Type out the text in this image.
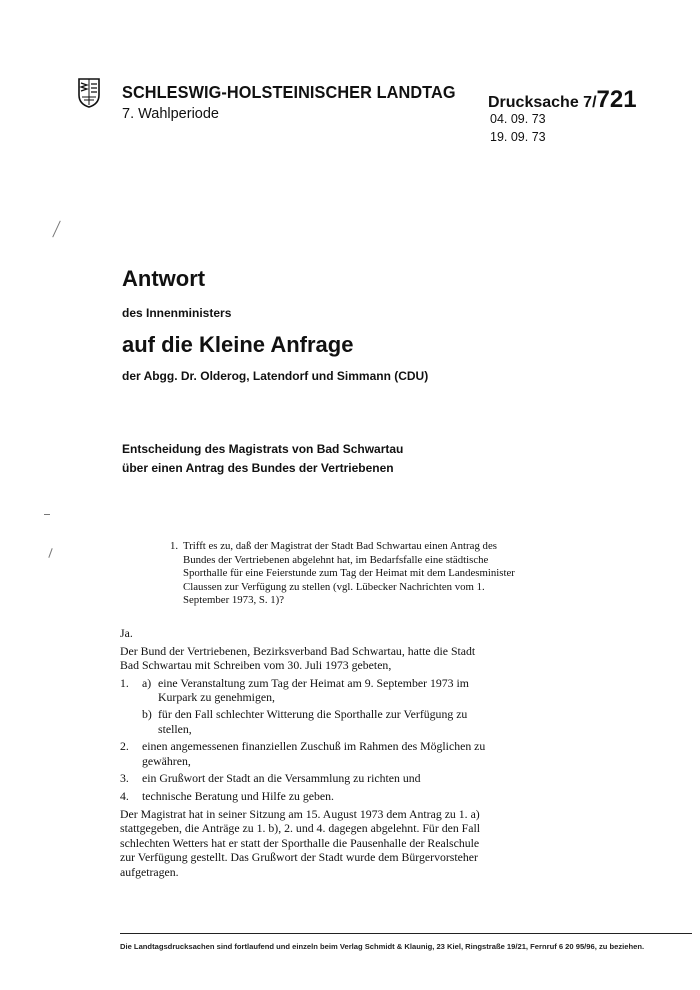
SCHLESWIG-HOLSTEINISCHER LANDTAG
7. Wahlperiode
Drucksache 7/721
04. 09. 73
19. 09. 73
Antwort
des Innenministers
auf die Kleine Anfrage
der Abgg. Dr. Olderog, Latendorf und Simmann (CDU)
Entscheidung des Magistrats von Bad Schwartau
über einen Antrag des Bundes der Vertriebenen
1. Trifft es zu, daß der Magistrat der Stadt Bad Schwartau einen Antrag des Bundes der Vertriebenen abgelehnt hat, im Bedarfsfalle eine städtische Sporthalle für eine Feierstunde zum Tag der Heimat mit dem Landesminister Claussen zur Verfügung zu stellen (vgl. Lübecker Nachrichten vom 1. September 1973, S. 1)?

Ja.

Der Bund der Vertriebenen, Bezirksverband Bad Schwartau, hatte die Stadt Bad Schwartau mit Schreiben vom 30. Juli 1973 gebeten,

1. a) eine Veranstaltung zum Tag der Heimat am 9. September 1973 im Kurpark zu genehmigen,
b) für den Fall schlechter Witterung die Sporthalle zur Verfügung zu stellen,
2. einen angemessenen finanziellen Zuschuß im Rahmen des Möglichen zu gewähren,
3. ein Grußwort der Stadt an die Versammlung zu richten und
4. technische Beratung und Hilfe zu geben.

Der Magistrat hat in seiner Sitzung am 15. August 1973 dem Antrag zu 1. a) stattgegeben, die Anträge zu 1. b), 2. und 4. dagegen abgelehnt. Für den Fall schlechten Wetters hat er statt der Sporthalle die Pausenhalle der Realschule zur Verfügung gestellt. Das Grußwort der Stadt wurde dem Bürgervorsteher aufgetragen.

Die Landtagsdrucksachen sind fortlaufend und einzeln beim Verlag Schmidt & Klaunig, 23 Kiel, Ringstraße 19/21, Fernruf 6 20 95/96, zu beziehen.
